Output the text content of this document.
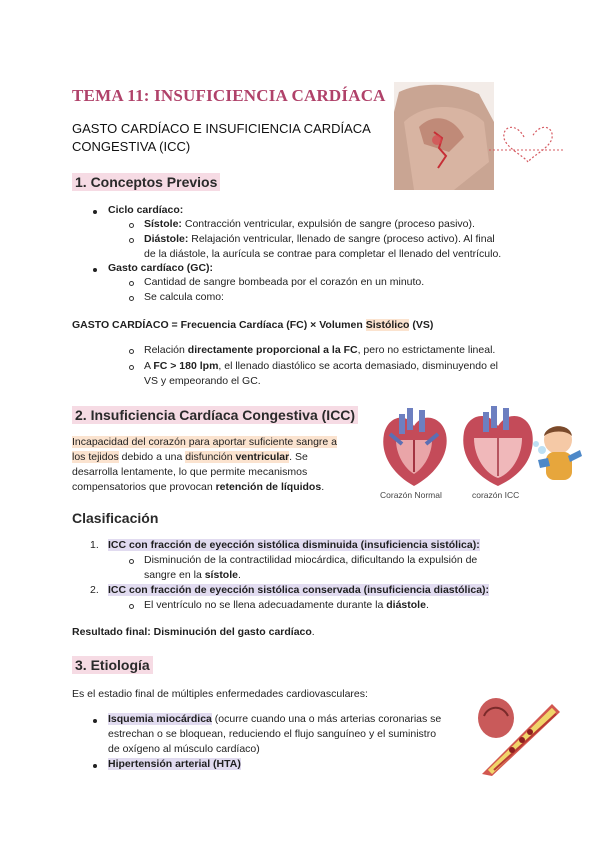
TEMA 11: INSUFICIENCIA CARDÍACA
GASTO CARDÍACO E INSUFICIENCIA CARDÍACA CONGESTIVA (ICC)
1. Conceptos Previos
Ciclo cardíaco:
Sístole: Contracción ventricular, expulsión de sangre (proceso pasivo).
Diástole: Relajación ventricular, llenado de sangre (proceso activo). Al final
de la diástole, la aurícula se contrae para completar el llenado del ventrículo.
Gasto cardíaco (GC):
Cantidad de sangre bombeada por el corazón en un minuto.
Se calcula como:
GASTO CARDÍACO = Frecuencia Cardíaca (FC) × Volumen Sistólico (VS)
Relación directamente proporcional a la FC, pero no estrictamente lineal.
A FC > 180 lpm, el llenado diastólico se acorta demasiado, disminuyendo el
VS y empeorando el GC.
2. Insuficiencia Cardíaca Congestiva (ICC)
Incapacidad del corazón para aportar suficiente sangre a
los tejidos debido a una disfunción ventricular. Se
desarrolla lentamente, lo que permite mecanismos
compensatorios que provocan retención de líquidos.
Corazón Normal	corazón ICC
Clasificación
1. ICC con fracción de eyección sistólica disminuida (insuficiencia sistólica):
Disminución de la contractilidad miocárdica, dificultando la expulsión de
sangre en la sístole.
2. ICC con fracción de eyección sistólica conservada (insuficiencia diastólica):
El ventrículo no se llena adecuadamente durante la diástole.
Resultado final: Disminución del gasto cardíaco.
3. Etiología
Es el estadio final de múltiples enfermedades cardiovasculares:
Isquemia miocárdica (ocurre cuando una o más arterias coronarias se
estrechan o se bloquean, reduciendo el flujo sanguíneo y el suministro
de oxígeno al músculo cardíaco)
Hipertensión arterial (HTA)
